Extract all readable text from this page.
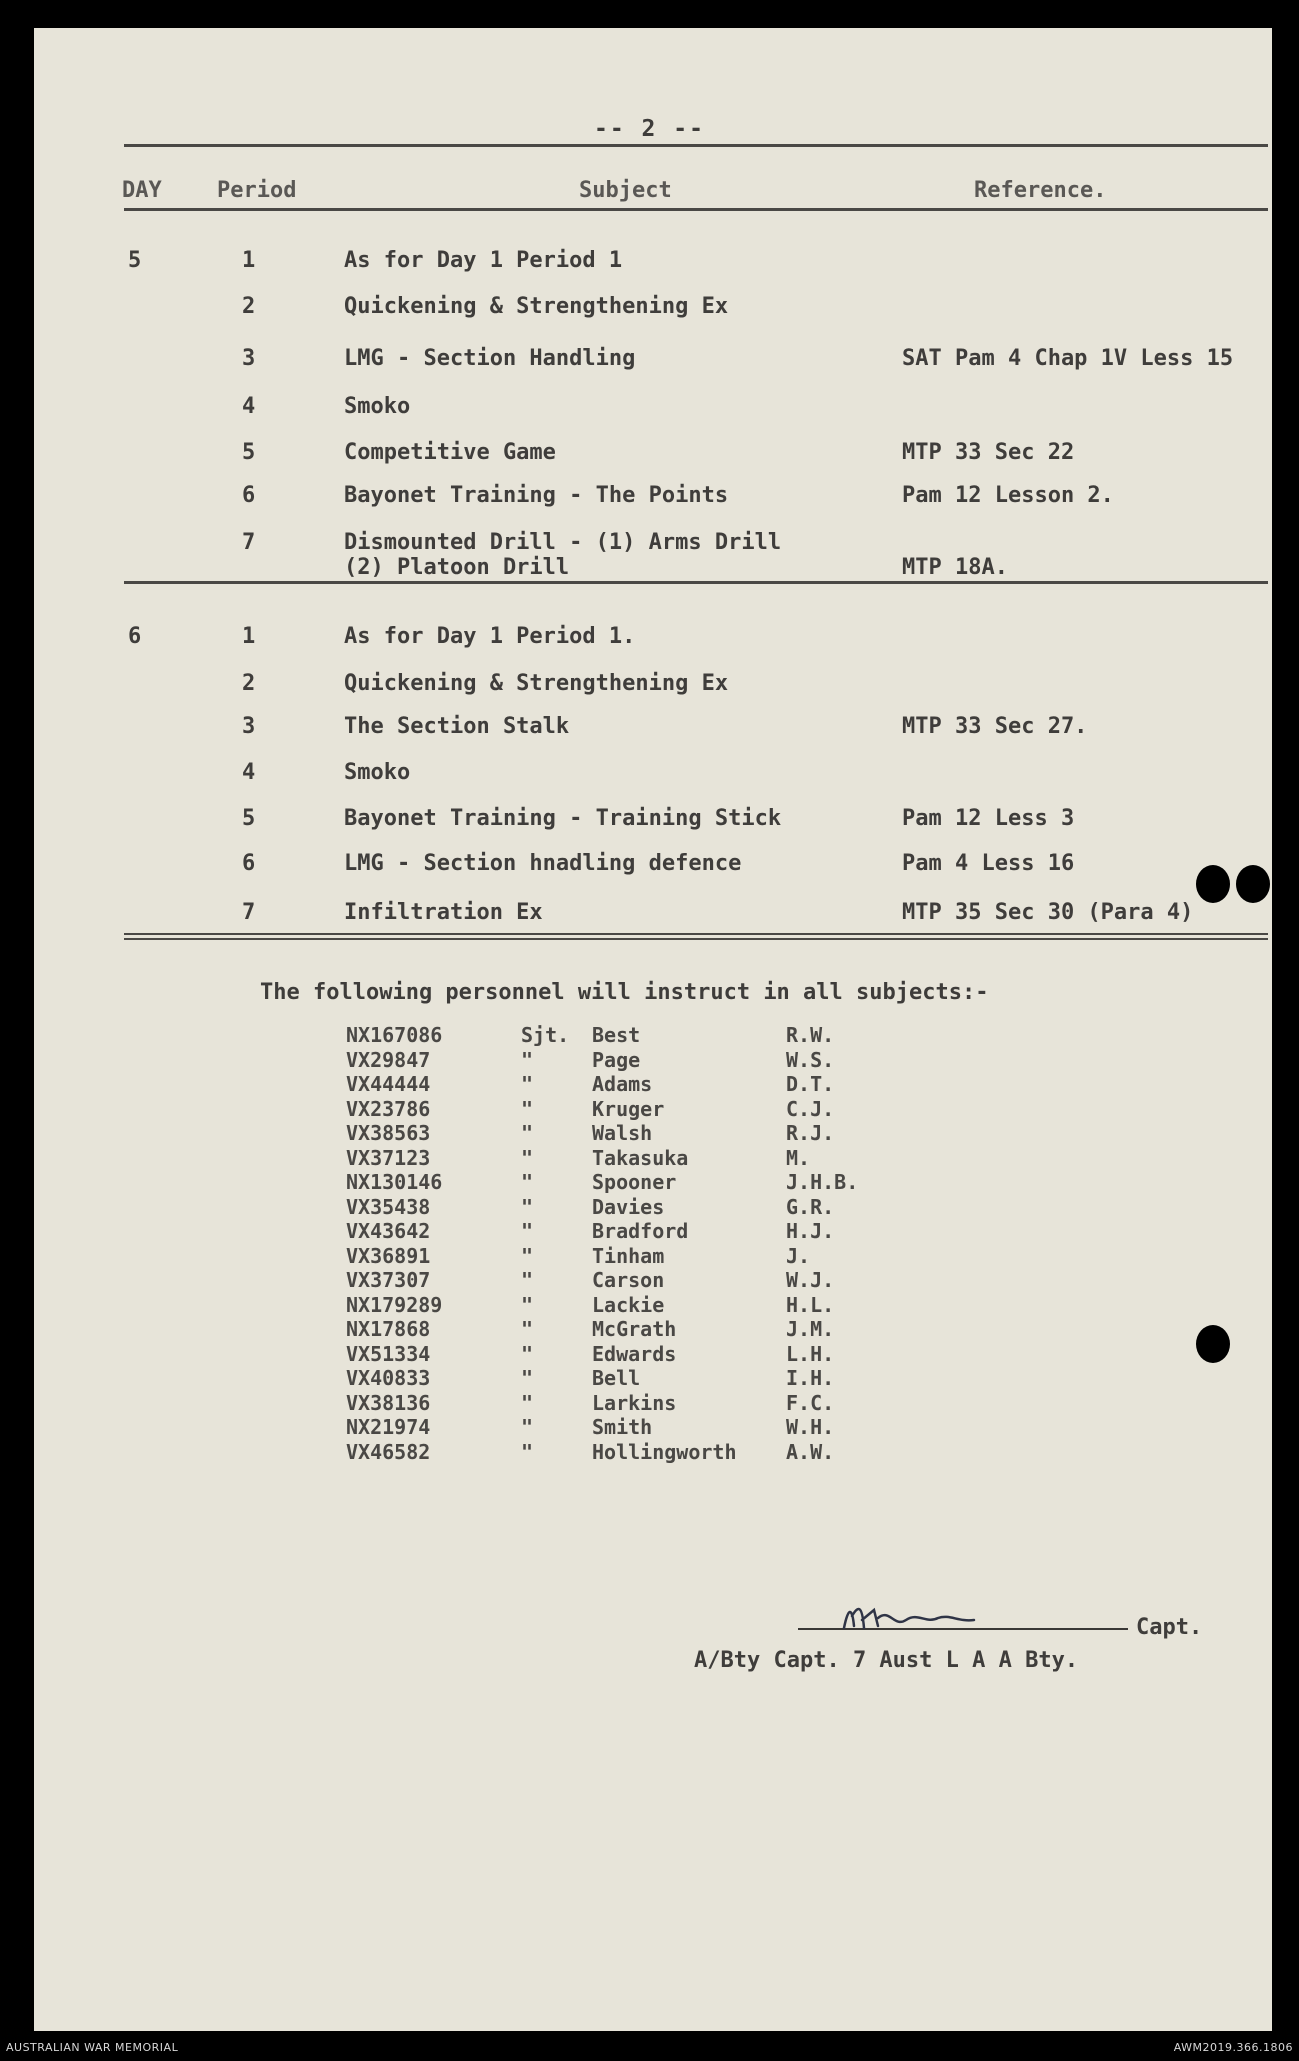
-- 2 --
DAY	Period	Subject	Reference.
5	1	As for Day 1 Period 1
2	Quickening & Strengthening Ex
3	LMG - Section Handling	SAT Pam 4 Chap 1V Less 15
4	Smoko
5	Competitive Game	MTP 33 Sec 22
6	Bayonet Training - The Points	Pam 12 Lesson 2.
7	Dismounted Drill - (1) Arms Drill
(2) Platoon Drill	MTP 18A.
6	1	As for Day 1 Period 1.
2	Quickening & Strengthening Ex
3	The Section Stalk	MTP 33 Sec 27.
4	Smoko
5	Bayonet Training - Training Stick	Pam 12 Less 3
6	LMG - Section hnadling defence	Pam 4 Less 16
7	Infiltration Ex	MTP 35 Sec 30 (Para 4)
The following personnel will instruct in all subjects:-
NX167086	Sjt. Best	R.W.
VX29847	"	Page	W.S.
VX44444	"	Adams	D.T.
VX23786	"	Kruger	C.J.
VX38563	"	Walsh	R.J.
VX37123	"	Takasuka	M.
NX130146	"	Spooner	J.H.B.
VX35438	"	Davies	G.R.
VX43642	"	Bradford	H.J.
VX36891	"	Tinham	J.
VX37307	"	Carson	W.J.
NX179289	"	Lackie	H.L.
NX17868	"	McGrath	J.M.
VX51334	"	Edwards	L.H.
VX40833	"	Bell	I.H.
VX38136	"	Larkins	F.C.
NX21974	"	Smith	W.H.
VX46582	"	Hollingworth A.W.
Capt.
A/Bty Capt. 7 Aust L A A Bty.
AUSTRALIAN WAR MEMORIAL	AWM2019.366.1806
